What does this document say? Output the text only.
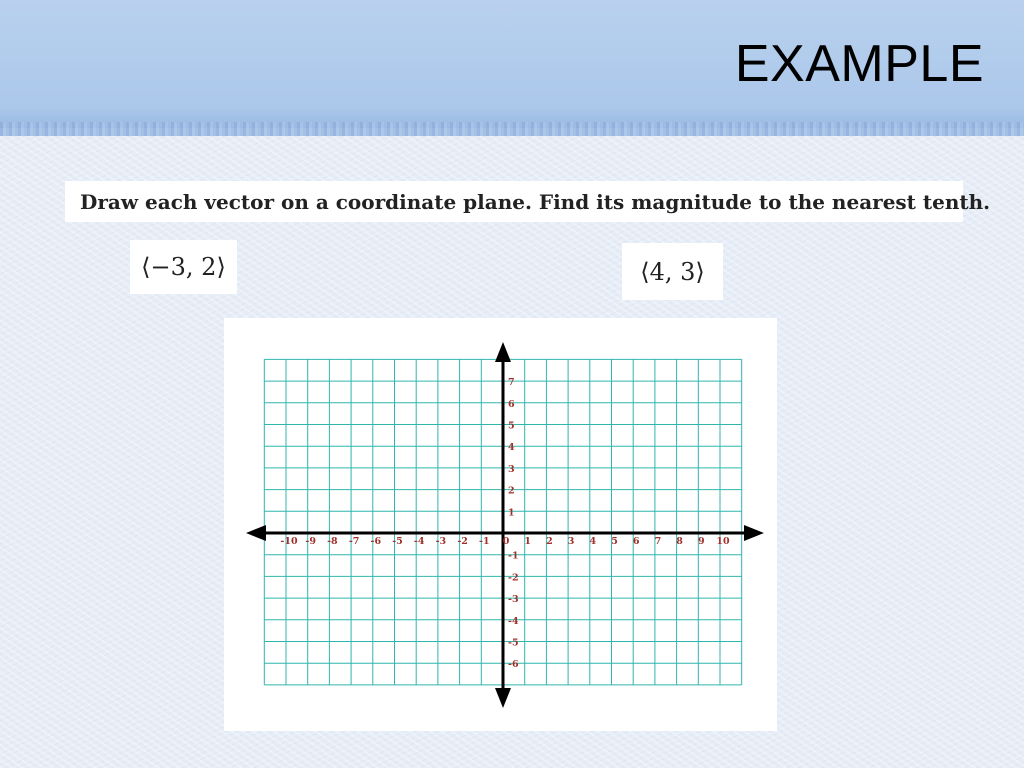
EXAMPLE
Draw each vector on a coordinate plane. Find its magnitude to the nearest tenth.
⟨−3, 2⟩	⟨4, 3⟩
-10 -9 -8 -7 -6 -5 -4 -3 -2 -1 0 1 2 3 4 5 6 7 8 9 10
7
6
5
4
3
2
1
-1
-2
-3
-4
-5
-6
